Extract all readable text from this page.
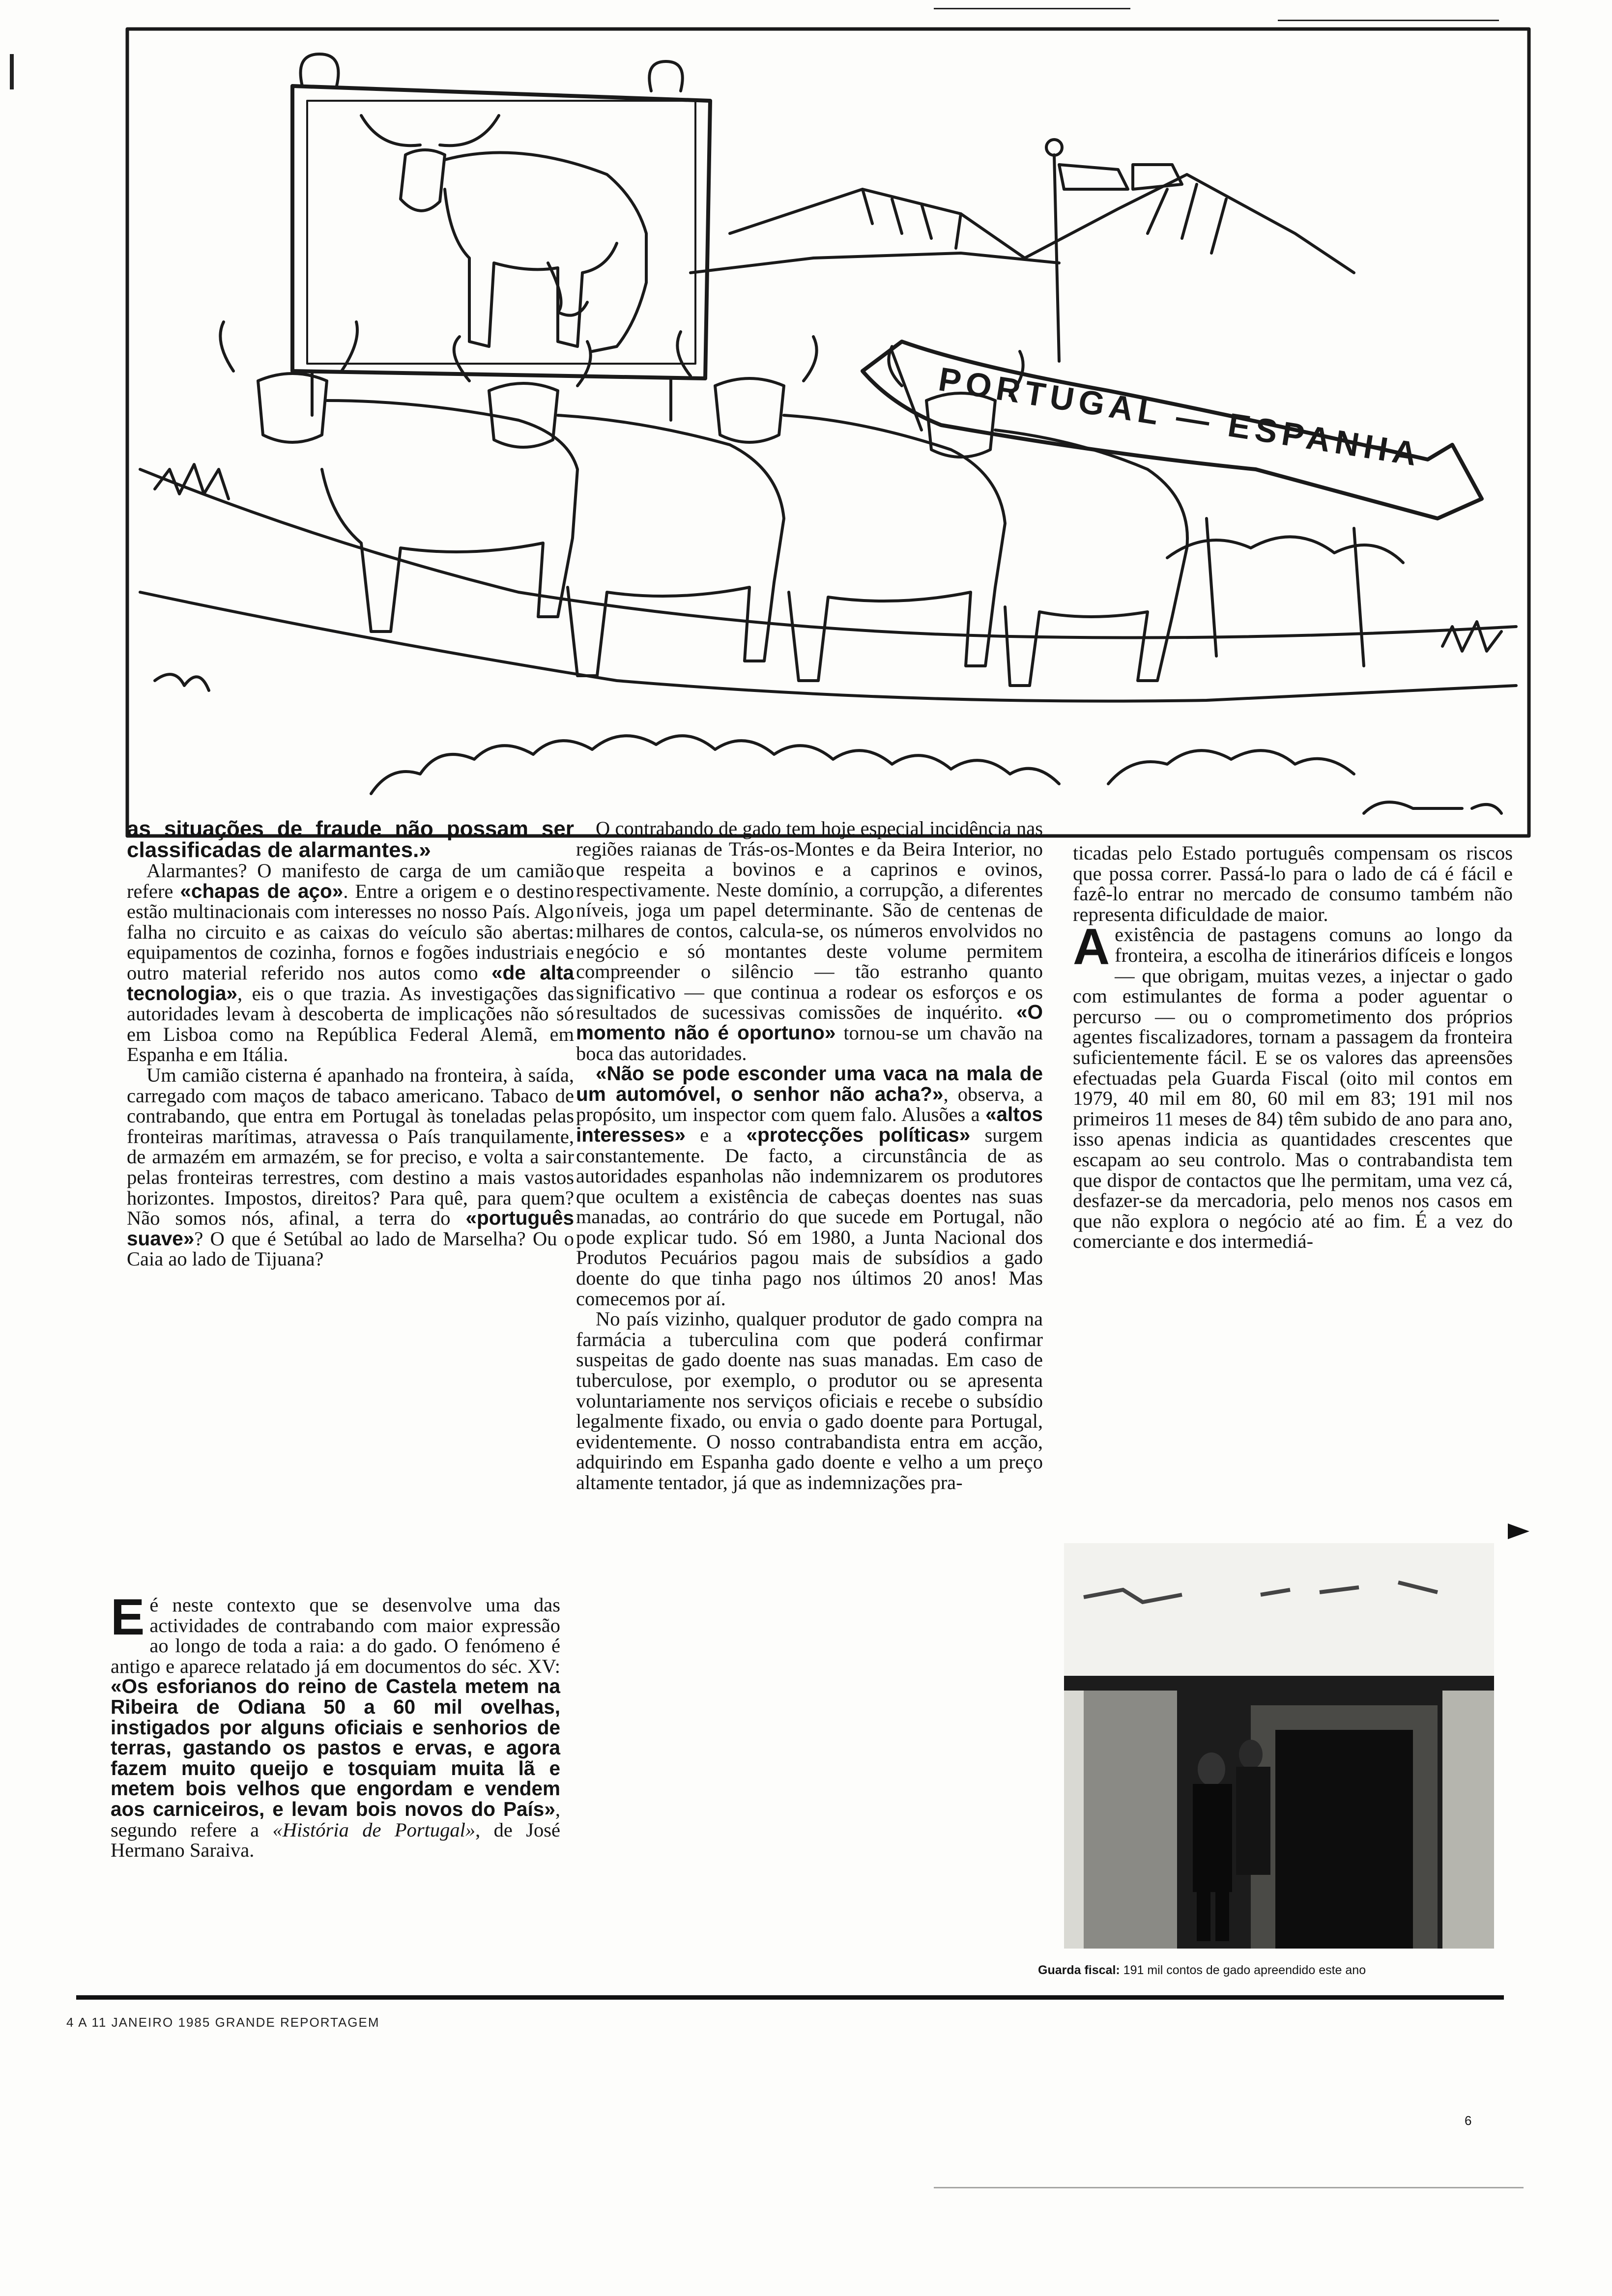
PORTUGAL — ESPANHA

as situações de fraude não possam ser classificadas de alarmantes.»

Alarmantes? O manifesto de carga de um camião refere «chapas de aço». Entre a origem e o destino estão multinacionais com interesses no nosso País. Algo falha no circuito e as caixas do veículo são abertas: equipamentos de cozinha, fornos e fogões industriais e outro material referido nos autos como «de alta tecnologia», eis o que trazia. As investigações das autoridades levam à descoberta de implicações não só em Lisboa como na República Federal Alemã, em Espanha e em Itália.

Um camião cisterna é apanhado na fronteira, à saída, carregado com maços de tabaco americano. Tabaco de contrabando, que entra em Portugal às toneladas pelas fronteiras marítimas, atravessa o País tranquilamente, de armazém em armazém, se for preciso, e volta a sair pelas fronteiras terrestres, com destino a mais vastos horizontes. Impostos, direitos? Para quê, para quem? Não somos nós, afinal, a terra do «português suave»? O que é Setúbal ao lado de Marselha? Ou o Caia ao lado de Tijuana?

Eé neste contexto que se desenvolve uma das actividades de contrabando com maior expressão ao longo de toda a raia: a do gado. O fenómeno é antigo e aparece relatado já em documentos do séc. XV: «Os esforianos do reino de Castela metem na Ribeira de Odiana 50 a 60 mil ovelhas, instigados por alguns oficiais e senhorios de terras, gastando os pastos e ervas, e agora fazem muito queijo e tosquiam muita lã e metem bois velhos que engordam e vendem aos carniceiros, e levam bois novos do País», segundo refere a «História de Portugal», de José Hermano Saraiva.

O contrabando de gado tem hoje especial incidência nas regiões raianas de Trás-os-Montes e da Beira Interior, no que respeita a bovinos e a caprinos e ovinos, respectivamente. Neste domínio, a corrupção, a diferentes níveis, joga um papel determinante. São de centenas de milhares de contos, calcula-se, os números envolvidos no negócio e só montantes deste volume permitem compreender o silêncio — tão estranho quanto significativo — que continua a rodear os esforços e os resultados de sucessivas comissões de inquérito. «O momento não é oportuno» tornou-se um chavão na boca das autoridades.

«Não se pode esconder uma vaca na mala de um automóvel, o senhor não acha?», observa, a propósito, um inspector com quem falo. Alusões a «altos interesses» e a «protecções políticas» surgem constantemente. De facto, a circunstância de as autoridades espanholas não indemnizarem os produtores que ocultem a existência de cabeças doentes nas suas manadas, ao contrário do que sucede em Portugal, não pode explicar tudo. Só em 1980, a Junta Nacional dos Produtos Pecuários pagou mais de subsídios a gado doente do que tinha pago nos últimos 20 anos! Mas comecemos por aí.

No país vizinho, qualquer produtor de gado compra na farmácia a tuberculina com que poderá confirmar suspeitas de gado doente nas suas manadas. Em caso de tuberculose, por exemplo, o produtor ou se apresenta voluntariamente nos serviços oficiais e recebe o subsídio legalmente fixado, ou envia o gado doente para Portugal, evidentemente. O nosso contrabandista entra em acção, adquirindo em Espanha gado doente e velho a um preço altamente tentador, já que as indemnizações pra-

ticadas pelo Estado português compensam os riscos que possa correr. Passá-lo para o lado de cá é fácil e fazê-lo entrar no mercado de consumo também não representa dificuldade de maior.

Aexistência de pastagens comuns ao longo da fronteira, a escolha de itinerários difíceis e longos — que obrigam, muitas vezes, a injectar o gado com estimulantes de forma a poder aguentar o percurso — ou o comprometimento dos próprios agentes fiscalizadores, tornam a passagem da fronteira suficientemente fácil. E se os valores das apreensões efectuadas pela Guarda Fiscal (oito mil contos em 1979, 40 mil em 80, 60 mil em 83; 191 mil nos primeiros 11 meses de 84) têm subido de ano para ano, isso apenas indicia as quantidades crescentes que escapam ao seu controlo. Mas o contrabandista tem que dispor de contactos que lhe permitam, uma vez cá, desfazer-se da mercadoria, pelo menos nos casos em que não explora o negócio até ao fim. É a vez do comerciante e dos intermediá-

Guarda fiscal: 191 mil contos de gado apreendido este ano
4 A 11 JANEIRO 1985 GRANDE REPORTAGEM
6
